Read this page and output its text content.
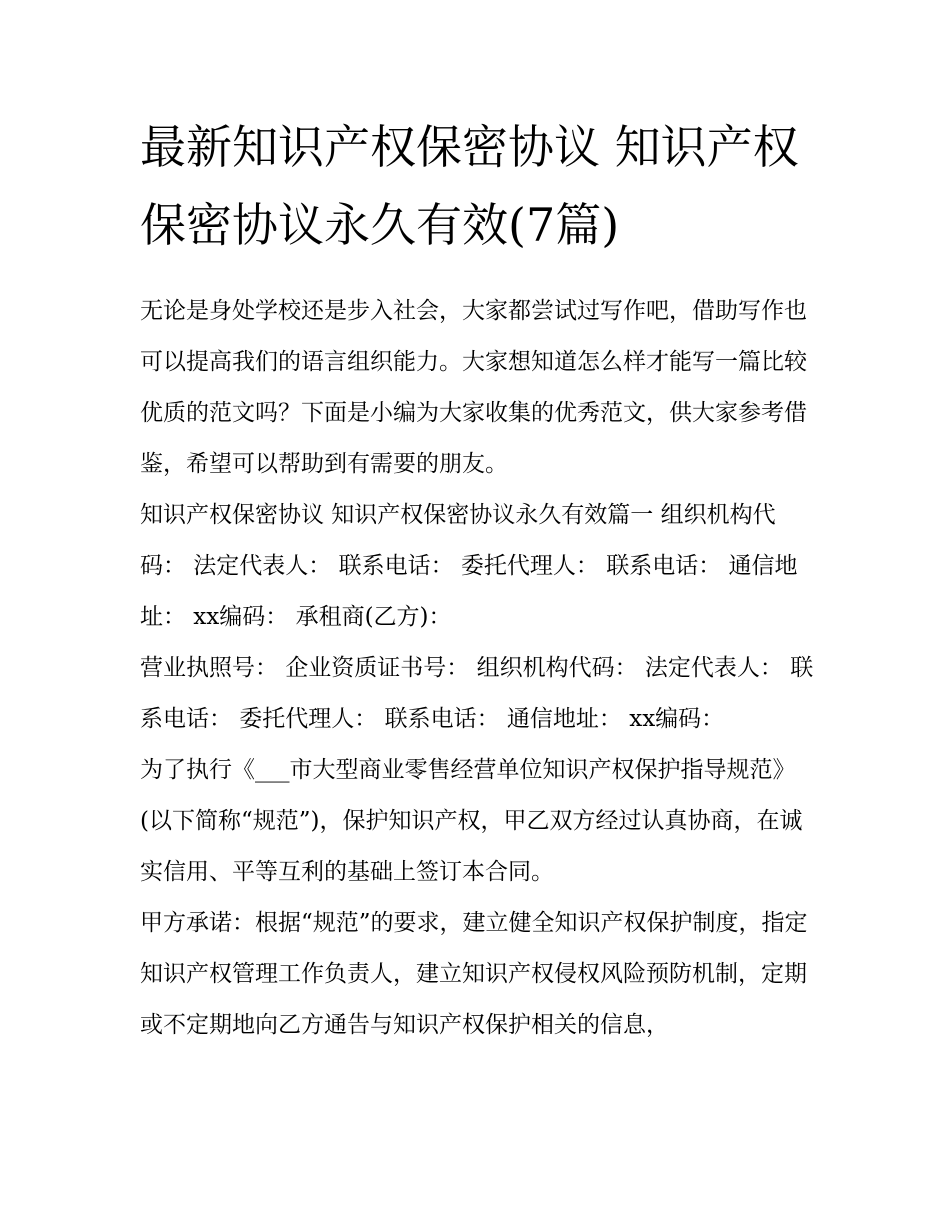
最新知识产权保密协议 知识产权保密协议永久有效(7篇)

无论是身处学校还是步入社会，大家都尝试过写作吧，借助写作也可以提高我们的语言组织能力。大家想知道怎么样才能写一篇比较优质的范文吗？下面是小编为大家收集的优秀范文，供大家参考借鉴，希望可以帮助到有需要的朋友。

知识产权保密协议 知识产权保密协议永久有效篇一 组织机构代码： 法定代表人： 联系电话： 委托代理人： 联系电话： 通信地址： xx编码： 承租商(乙方)：

营业执照号： 企业资质证书号： 组织机构代码： 法定代表人： 联系电话： 委托代理人： 联系电话： 通信地址： xx编码：

为了执行《___市大型商业零售经营单位知识产权保护指导规范》(以下简称“规范”)，保护知识产权，甲乙双方经过认真协商，在诚实信用、平等互利的基础上签订本合同。

甲方承诺：根据“规范”的要求，建立健全知识产权保护制度，指定知识产权管理工作负责人，建立知识产权侵权风险预防机制，定期或不定期地向乙方通告与知识产权保护相关的信息，
